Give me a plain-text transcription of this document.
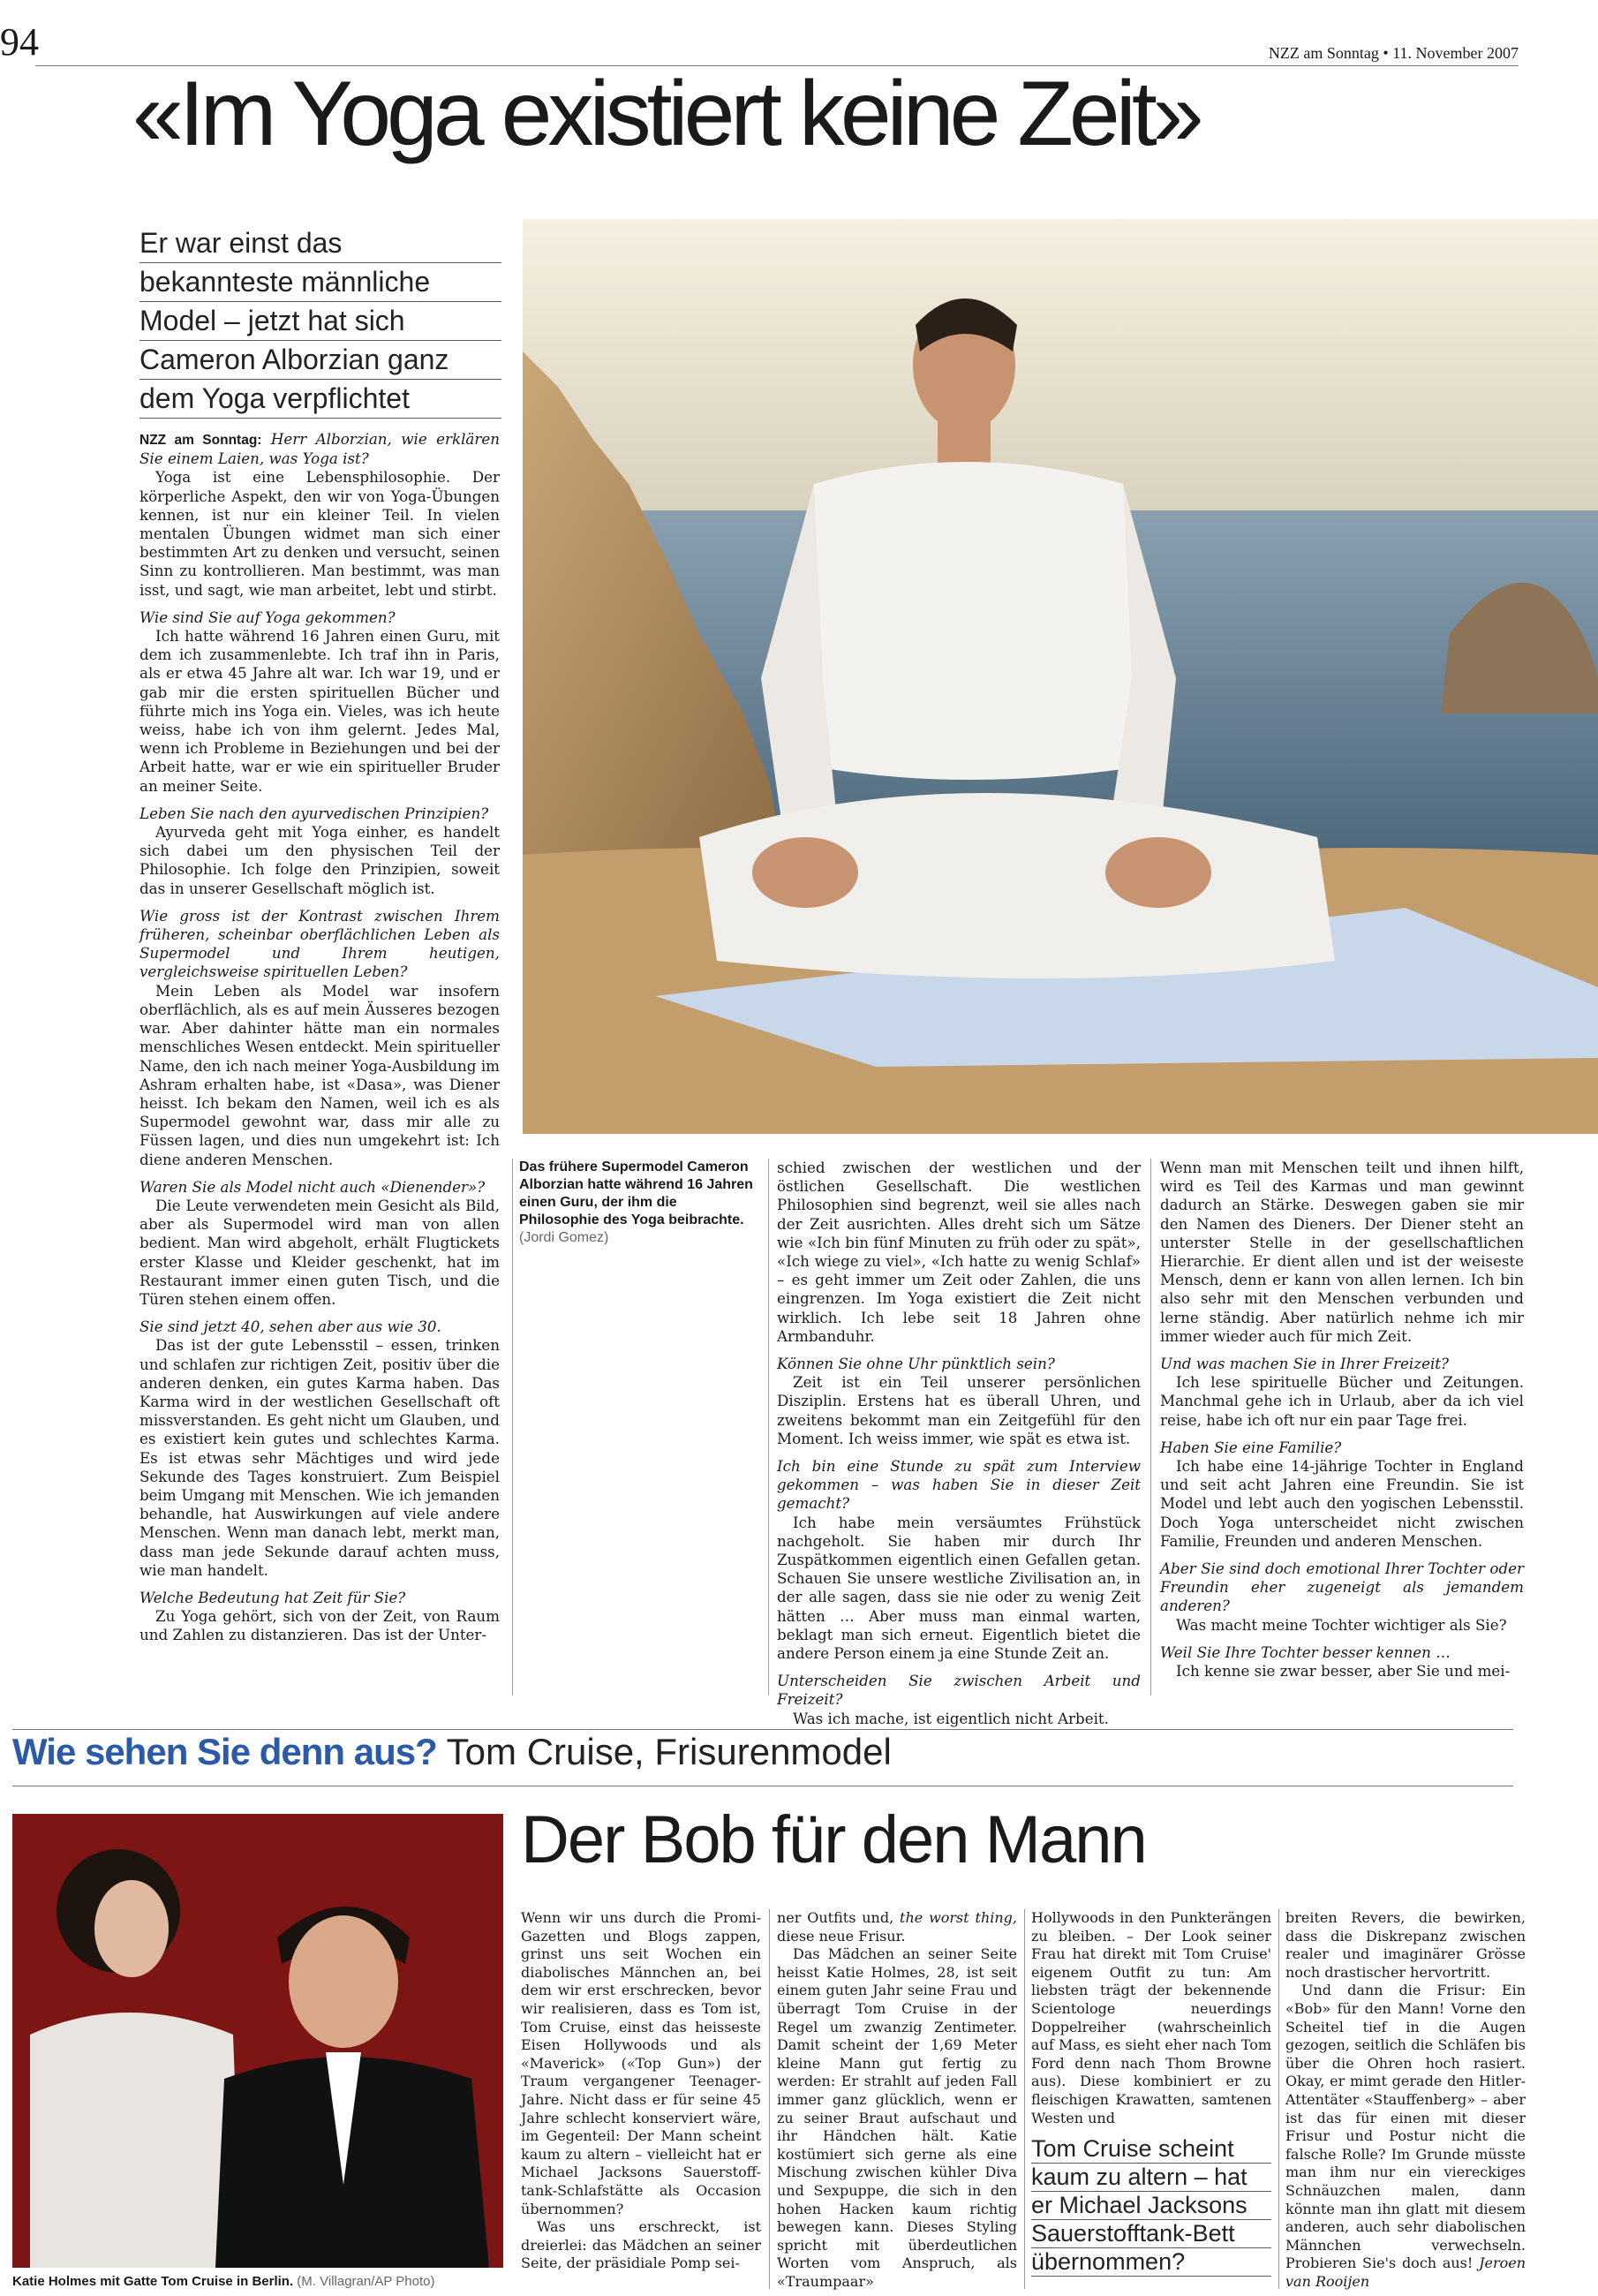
94	NZZ am Sonntag • 11. November 2007
«Im Yoga existiert keine Zeit»
Er war einst das
bekannteste männliche
Model – jetzt hat sich
Cameron Alborzian ganz
dem Yoga verpflichtet

NZZ am Sonntag: Herr Alborzian, wie erklären Sie einem Laien, was Yoga ist?

Yoga ist eine Lebensphilosophie. Der körperliche Aspekt, den wir von Yoga-Übungen kennen, ist nur ein kleiner Teil. In vielen mentalen Übungen widmet man sich einer bestimmten Art zu denken und versucht, seinen Sinn zu kontrollieren. Man bestimmt, was man isst, und sagt, wie man arbeitet, lebt und stirbt.

Wie sind Sie auf Yoga gekommen?

Ich hatte während 16 Jahren einen Guru, mit dem ich zusammenlebte. Ich traf ihn in Paris, als er etwa 45 Jahre alt war. Ich war 19, und er gab mir die ersten spirituellen Bücher und führte mich ins Yoga ein. Vieles, was ich heute weiss, habe ich von ihm gelernt. Jedes Mal, wenn ich Probleme in Beziehungen und bei der Arbeit hatte, war er wie ein spiritueller Bruder an meiner Seite.

Leben Sie nach den ayurvedischen Prinzipien?

Ayurveda geht mit Yoga einher, es handelt sich dabei um den physischen Teil der Philosophie. Ich folge den Prinzipien, soweit das in unserer Gesellschaft möglich ist.

Wie gross ist der Kontrast zwischen Ihrem früheren, scheinbar oberflächlichen Leben als Supermodel und Ihrem heutigen, vergleichsweise spirituellen Leben?

Mein Leben als Model war insofern oberflächlich, als es auf mein Äusseres bezogen war. Aber dahinter hätte man ein normales menschliches Wesen entdeckt. Mein spiritueller Name, den ich nach meiner Yoga-Ausbildung im Ashram erhalten habe, ist «Dasa», was Diener heisst. Ich bekam den Namen, weil ich es als Supermodel gewohnt war, dass mir alle zu Füssen lagen, und dies nun umgekehrt ist: Ich diene anderen Menschen.

Waren Sie als Model nicht auch «Dienender»?

Die Leute verwendeten mein Gesicht als Bild, aber als Supermodel wird man von allen bedient. Man wird abgeholt, erhält Flugtickets erster Klasse und Kleider geschenkt, hat im Restaurant immer einen guten Tisch, und die Türen stehen einem offen.

Sie sind jetzt 40, sehen aber aus wie 30.

Das ist der gute Lebensstil – essen, trinken und schlafen zur richtigen Zeit, positiv über die anderen denken, ein gutes Karma haben. Das Karma wird in der westlichen Gesellschaft oft missverstanden. Es geht nicht um Glauben, und es existiert kein gutes und schlechtes Karma. Es ist etwas sehr Mächtiges und wird jede Sekunde des Tages konstruiert. Zum Beispiel beim Umgang mit Menschen. Wie ich jemanden behandle, hat Auswirkungen auf viele andere Menschen. Wenn man danach lebt, merkt man, dass man jede Sekunde darauf achten muss, wie man handelt.

Welche Bedeutung hat Zeit für Sie?

Zu Yoga gehört, sich von der Zeit, von Raum und Zahlen zu distanzieren. Das ist der Unter-

Das frühere Supermodel Cameron Alborzian hatte während 16 Jahren einen Guru, der ihm die Philosophie des Yoga beibrachte. (Jordi Gomez)

schied zwischen der westlichen und der östlichen Gesellschaft. Die westlichen Philosophien sind begrenzt, weil sie alles nach der Zeit ausrichten. Alles dreht sich um Sätze wie «Ich bin fünf Minuten zu früh oder zu spät», «Ich wiege zu viel», «Ich hatte zu wenig Schlaf» – es geht immer um Zeit oder Zahlen, die uns eingrenzen. Im Yoga existiert die Zeit nicht wirklich. Ich lebe seit 18 Jahren ohne Armbanduhr.

Können Sie ohne Uhr pünktlich sein?

Zeit ist ein Teil unserer persönlichen Disziplin. Erstens hat es überall Uhren, und zweitens bekommt man ein Zeitgefühl für den Moment. Ich weiss immer, wie spät es etwa ist.

Ich bin eine Stunde zu spät zum Interview gekommen – was haben Sie in dieser Zeit gemacht?

Ich habe mein versäumtes Frühstück nachgeholt. Sie haben mir durch Ihr Zuspätkommen eigentlich einen Gefallen getan. Schauen Sie unsere westliche Zivilisation an, in der alle sagen, dass sie nie oder zu wenig Zeit hätten … Aber muss man einmal warten, beklagt man sich erneut. Eigentlich bietet die andere Person einem ja eine Stunde Zeit an.

Unterscheiden Sie zwischen Arbeit und Freizeit?

Was ich mache, ist eigentlich nicht Arbeit.

Wenn man mit Menschen teilt und ihnen hilft, wird es Teil des Karmas und man gewinnt dadurch an Stärke. Deswegen gaben sie mir den Namen des Dieners. Der Diener steht an unterster Stelle in der gesellschaftlichen Hierarchie. Er dient allen und ist der weiseste Mensch, denn er kann von allen lernen. Ich bin also sehr mit den Menschen verbunden und lerne ständig. Aber natürlich nehme ich mir immer wieder auch für mich Zeit.

Und was machen Sie in Ihrer Freizeit?

Ich lese spirituelle Bücher und Zeitungen. Manchmal gehe ich in Urlaub, aber da ich viel reise, habe ich oft nur ein paar Tage frei.

Haben Sie eine Familie?

Ich habe eine 14-jährige Tochter in England und seit acht Jahren eine Freundin. Sie ist Model und lebt auch den yogischen Lebensstil. Doch Yoga unterscheidet nicht zwischen Familie, Freunden und anderen Menschen.

Aber Sie sind doch emotional Ihrer Tochter oder Freundin eher zugeneigt als jemandem anderen?

Was macht meine Tochter wichtiger als Sie?

Weil Sie Ihre Tochter besser kennen …

Ich kenne sie zwar besser, aber Sie und mei-

Wie sehen Sie denn aus? Tom Cruise, Frisurenmodel
Katie Holmes mit Gatte Tom Cruise in Berlin. (M. Villagran/AP Photo)
Der Bob für den Mann

Wenn wir uns durch die Promi-Gazetten und Blogs zappen, grinst uns seit Wochen ein diabolisches Männchen an, bei dem wir erst erschrecken, bevor wir realisieren, dass es Tom ist, Tom Cruise, einst das heisseste Eisen Hollywoods und als «Maverick» («Top Gun») der Traum vergangener Teenager-Jahre. Nicht dass er für seine 45 Jahre schlecht konserviert wäre, im Gegenteil: Der Mann scheint kaum zu altern – vielleicht hat er Michael Jacksons Sauerstoff-tank-Schlafstätte als Occasion übernommen?

Was uns erschreckt, ist dreierlei: das Mädchen an seiner Seite, der präsidiale Pomp sei-

ner Outfits und, the worst thing, diese neue Frisur.

Das Mädchen an seiner Seite heisst Katie Holmes, 28, ist seit einem guten Jahr seine Frau und überragt Tom Cruise in der Regel um zwanzig Zentimeter. Damit scheint der 1,69 Meter kleine Mann gut fertig zu werden: Er strahlt auf jeden Fall immer ganz glücklich, wenn er zu seiner Braut aufschaut und ihr Händchen hält. Katie kostümiert sich gerne als eine Mischung zwischen kühler Diva und Sexpuppe, die sich in den hohen Hacken kaum richtig bewegen kann. Dieses Styling spricht mit überdeutlichen Worten vom Anspruch, als «Traumpaar»

Hollywoods in den Punkterängen zu bleiben. – Der Look seiner Frau hat direkt mit Tom Cruise' eigenem Outfit zu tun: Am liebsten trägt der bekennende Scientologe neuerdings Doppelreiher (wahrscheinlich auf Mass, es sieht eher nach Tom Ford denn nach Thom Browne aus). Diese kombiniert er zu fleischigen Krawatten, samtenen Westen und

Tom Cruise scheint
kaum zu altern – hat
er Michael Jacksons
Sauerstofftank-Bett
übernommen?

breiten Revers, die bewirken, dass die Diskrepanz zwischen realer und imaginärer Grösse noch drastischer hervortritt.

Und dann die Frisur: Ein «Bob» für den Mann! Vorne den Scheitel tief in die Augen gezogen, seitlich die Schläfen bis über die Ohren hoch rasiert. Okay, er mimt gerade den Hitler-Attentäter «Stauffenberg» – aber ist das für einen mit dieser Frisur und Postur nicht die falsche Rolle? Im Grunde müsste man ihm nur ein viereckiges Schnäuzchen malen, dann könnte man ihn glatt mit diesem anderen, auch sehr diabolischen Männchen verwechseln. Probieren Sie's doch aus! Jeroen van Rooijen
